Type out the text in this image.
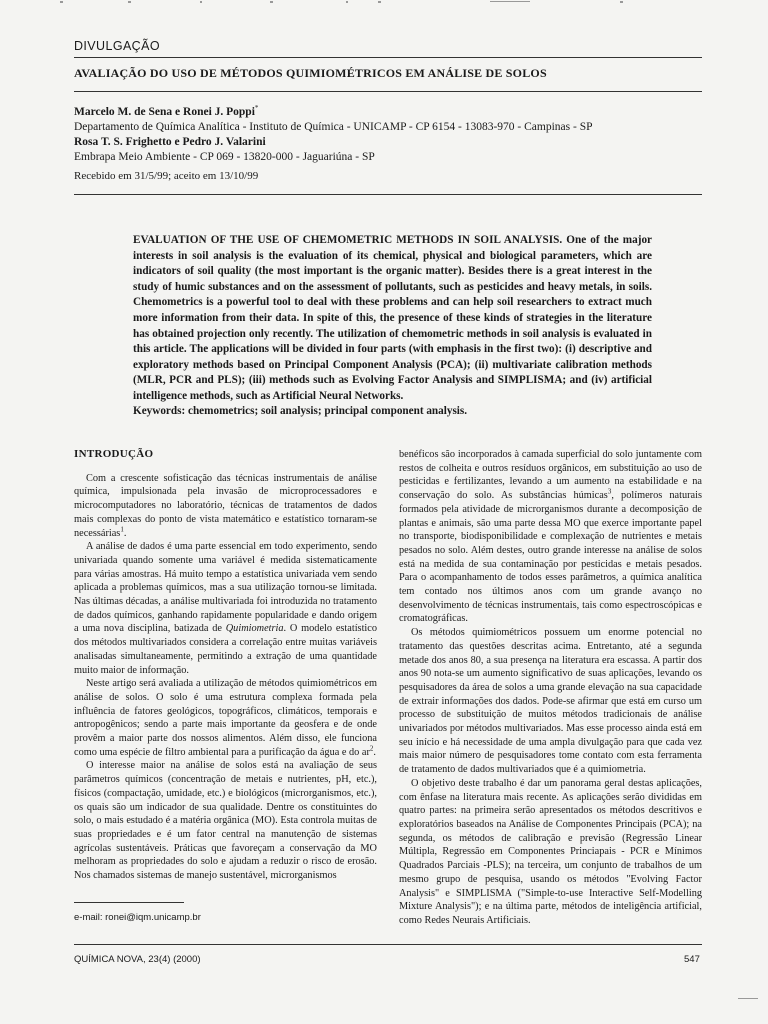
DIVULGAÇÃO
AVALIAÇÃO DO USO DE MÉTODOS QUIMIOMÉTRICOS EM ANÁLISE DE SOLOS
Marcelo M. de Sena e Ronei J. Poppi*
Departamento de Química Analítica - Instituto de Química - UNICAMP - CP 6154 - 13083-970 - Campinas - SP
Rosa T. S. Frighetto e Pedro J. Valarini
Embrapa Meio Ambiente - CP 069 - 13820-000 - Jaguariúna - SP
Recebido em 31/5/99; aceito em 13/10/99
EVALUATION OF THE USE OF CHEMOMETRIC METHODS IN SOIL ANALYSIS. One of the major interests in soil analysis is the evaluation of its chemical, physical and biological parameters, which are indicators of soil quality (the most important is the organic matter). Besides there is a great interest in the study of humic substances and on the assessment of pollutants, such as pesticides and heavy metals, in soils. Chemometrics is a powerful tool to deal with these problems and can help soil researchers to extract much more information from their data. In spite of this, the presence of these kinds of strategies in the literature has obtained projection only recently. The utilization of chemometric methods in soil analysis is evaluated in this article. The applications will be divided in four parts (with emphasis in the first two): (i) descriptive and exploratory methods based on Principal Component Analysis (PCA); (ii) multivariate calibration methods (MLR, PCR and PLS); (iii) methods such as Evolving Factor Analysis and SIMPLISMA; and (iv) artificial intelligence methods, such as Artificial Neural Networks.
Keywords: chemometrics; soil analysis; principal component analysis.
INTRODUÇÃO

Com a crescente sofisticação das técnicas instrumentais de análise química, impulsionada pela invasão de microprocessadores e microcomputadores no laboratório, técnicas de tratamentos de dados mais complexas do ponto de vista matemático e estatístico tornaram-se necessárias$^1$.

A análise de dados é uma parte essencial em todo experimento, sendo univariada quando somente uma variável é medida sistematicamente para várias amostras. Há muito tempo a estatística univariada vem sendo aplicada a problemas químicos, mas a sua utilização tornou-se limitada. Nas últimas décadas, a análise multivariada foi introduzida no tratamento de dados químicos, ganhando rapidamente popularidade e dando origem a uma nova disciplina, batizada de Quimiometria. O modelo estatístico dos métodos multivariados considera a correlação entre muitas variáveis analisadas simultaneamente, permitindo a extração de uma quantidade muito maior de informação.

Neste artigo será avaliada a utilização de métodos quimiométricos em análise de solos. O solo é uma estrutura complexa formada pela influência de fatores geológicos, topográficos, climáticos, temporais e antropogênicos; sendo a parte mais importante da geosfera e de onde provêm a maior parte dos nossos alimentos. Além disso, ele funciona como uma espécie de filtro ambiental para a purificação da água e do $ar^2$.

O interesse maior na análise de solos está na avaliação de seus parâmetros químicos (concentração de metais e nutrientes, pH, etc.), físicos (compactação, umidade, etc.) e biológicos (microrganismos, etc.), os quais são um indicador de sua qualidade. Dentre os constituintes do solo, o mais estudado é a matéria orgânica (MO). Esta controla muitas de suas propriedades e é um fator central na manutenção de sistemas agrícolas sustentáveis. Práticas que favoreçam a conservação da MO melhoram as propriedades do solo e ajudam a reduzir o risco de erosão. Nos chamados sistemas de manejo sustentável, microrganismos

benéficos são incorporados à camada superficial do solo juntamente com restos de colheita e outros resíduos orgânicos, em substituição ao uso de pesticidas e fertilizantes, levando a um aumento na estabilidade e na conservação do solo. As substâncias húmicas$^3$, polímeros naturais formados pela atividade de microrganismos durante a decomposição de plantas e animais, são uma parte dessa MO que exerce importante papel no transporte, biodisponibilidade e complexação de nutrientes e metais pesados no solo. Além destes, outro grande interesse na análise de solos está na medida de sua contaminação por pesticidas e metais pesados. Para o acompanhamento de todos esses parâmetros, a química analítica tem contado nos últimos anos com um grande avanço no desenvolvimento de técnicas instrumentais, tais como espectroscópicas e cromatográficas.

Os métodos quimiométricos possuem um enorme potencial no tratamento das questões descritas acima. Entretanto, até a segunda metade dos anos 80, a sua presença na literatura era escassa. A partir dos anos 90 nota-se um aumento significativo de suas aplicações, levando os pesquisadores da área de solos a uma grande elevação na sua capacidade de extrair informações dos dados. Pode-se afirmar que está em curso um processo de substituição de muitos métodos tradicionais de análise univariados por métodos multivariados. Mas esse processo ainda está em seu início e há necessidade de uma ampla divulgação para que cada vez mais maior número de pesquisadores tome contato com esta ferramenta de tratamento de dados multivariados que é a quimiometria.

O objetivo deste trabalho é dar um panorama geral destas aplicações, com ênfase na literatura mais recente. As aplicações serão divididas em quatro partes: na primeira serão apresentados os métodos descritivos e exploratórios baseados na Análise de Componentes Principais (PCA); na segunda, os métodos de calibração e previsão (Regressão Linear Múltipla, Regressão em Componentes Princiapais - PCR e Mínimos Quadrados Parciais -PLS); na terceira, um conjunto de trabalhos de um mesmo grupo de pesquisa, usando os métodos "Evolving Factor Analysis" e SIMPLISMA ("Simple-to-use Interactive Self-Modelling Mixture Analysis"); e na última parte, métodos de inteligência artificial, como Redes Neurais Artificiais.

e-mail: ronei@iqm.unicamp.br
QUÍMICA NOVA, 23(4) (2000)	547
